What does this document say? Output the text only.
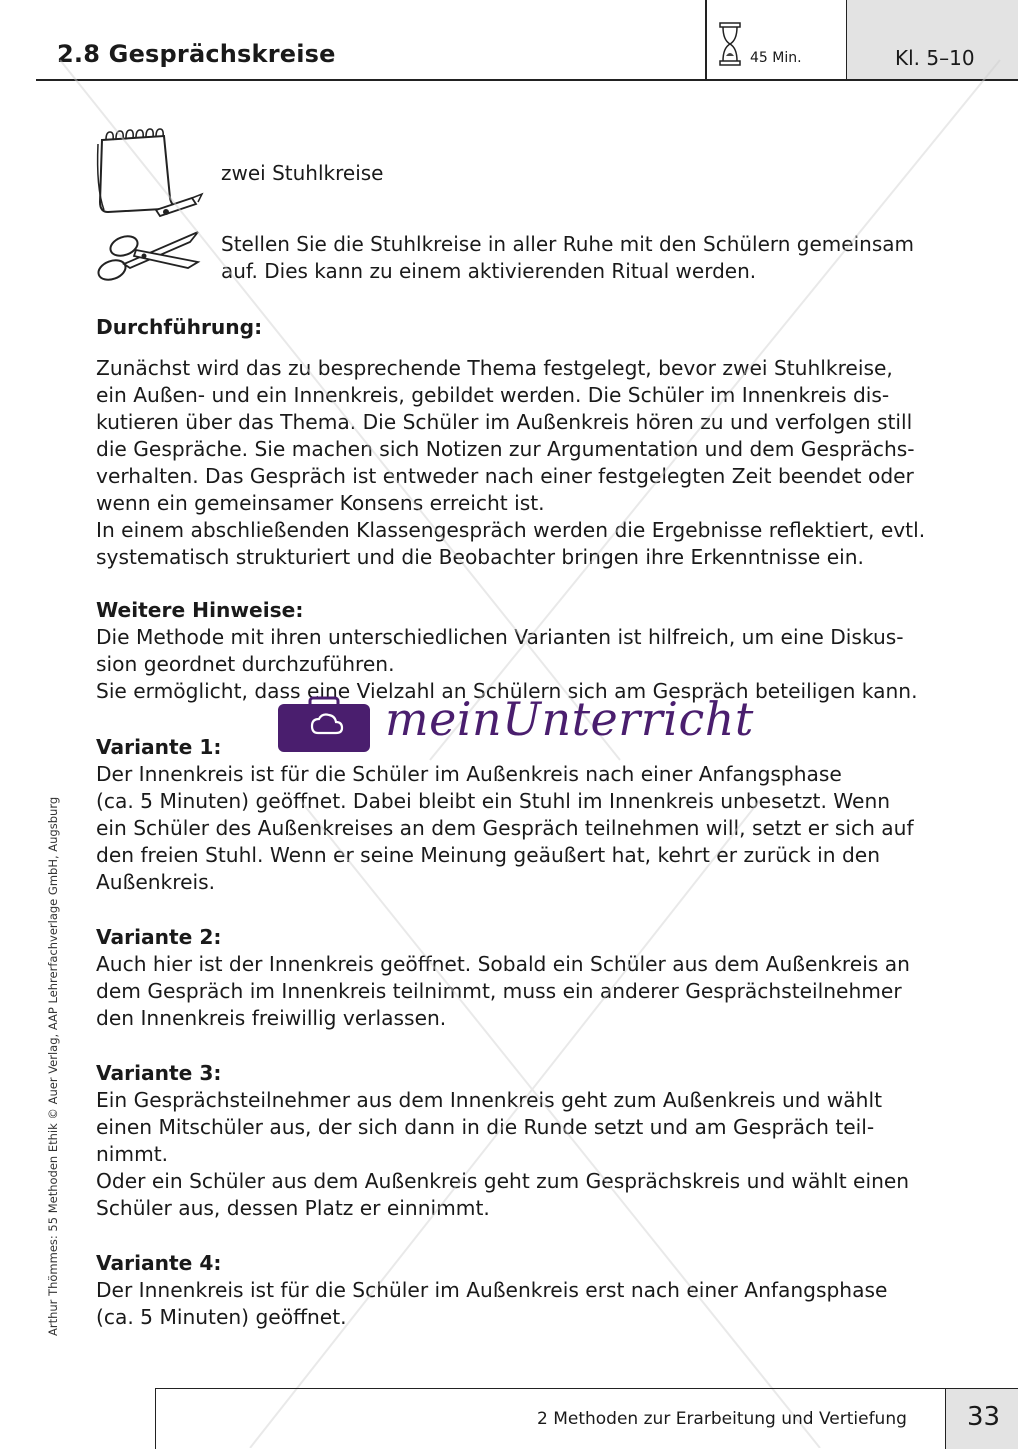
2.8 Gesprächskreise	45 Min.	Kl. 5–10
Arthur Thömmes: 55 Methoden Ethik © Auer Verlag, AAP Lehrerfachverlage GmbH, Augsburg
zwei Stuhlkreise
Stellen Sie die Stuhlkreise in aller Ruhe mit den Schülern gemeinsam
auf. Dies kann zu einem aktivierenden Ritual werden.

Durchführung:

Zunächst wird das zu besprechende Thema festgelegt, bevor zwei Stuhlkreise,

ein Außen- und ein Innenkreis, gebildet werden. Die Schüler im Innenkreis dis-

kutieren über das Thema. Die Schüler im Außenkreis hören zu und verfolgen still

die Gespräche. Sie machen sich Notizen zur Argumentation und dem Gesprächs-

verhalten. Das Gespräch ist entweder nach einer festgelegten Zeit beendet oder

wenn ein gemeinsamer Konsens erreicht ist.

In einem abschließenden Klassengespräch werden die Ergebnisse reflektiert, evtl.

systematisch strukturiert und die Beobachter bringen ihre Erkenntnisse ein.

Weitere Hinweise:

Die Methode mit ihren unterschiedlichen Varianten ist hilfreich, um eine Diskus-

sion geordnet durchzuführen.

Sie ermöglicht, dass eine Vielzahl an Schülern sich am Gespräch beteiligen kann.

Variante 1:

Der Innenkreis ist für die Schüler im Außenkreis nach einer Anfangsphase

(ca. 5 Minuten) geöffnet. Dabei bleibt ein Stuhl im Innenkreis unbesetzt. Wenn

ein Schüler des Außenkreises an dem Gespräch teilnehmen will, setzt er sich auf

den freien Stuhl. Wenn er seine Meinung geäußert hat, kehrt er zurück in den

Außenkreis.

Variante 2:

Auch hier ist der Innenkreis geöffnet. Sobald ein Schüler aus dem Außenkreis an

dem Gespräch im Innenkreis teilnimmt, muss ein anderer Gesprächsteilnehmer

den Innenkreis freiwillig verlassen.

Variante 3:

Ein Gesprächsteilnehmer aus dem Innenkreis geht zum Außenkreis und wählt

einen Mitschüler aus, der sich dann in die Runde setzt und am Gespräch teil-

nimmt.

Oder ein Schüler aus dem Außenkreis geht zum Gesprächskreis und wählt einen

Schüler aus, dessen Platz er einnimmt.

Variante 4:

Der Innenkreis ist für die Schüler im Außenkreis erst nach einer Anfangsphase

(ca. 5 Minuten) geöffnet.

meinUnterricht
2 Methoden zur Erarbeitung und Vertiefung 33
